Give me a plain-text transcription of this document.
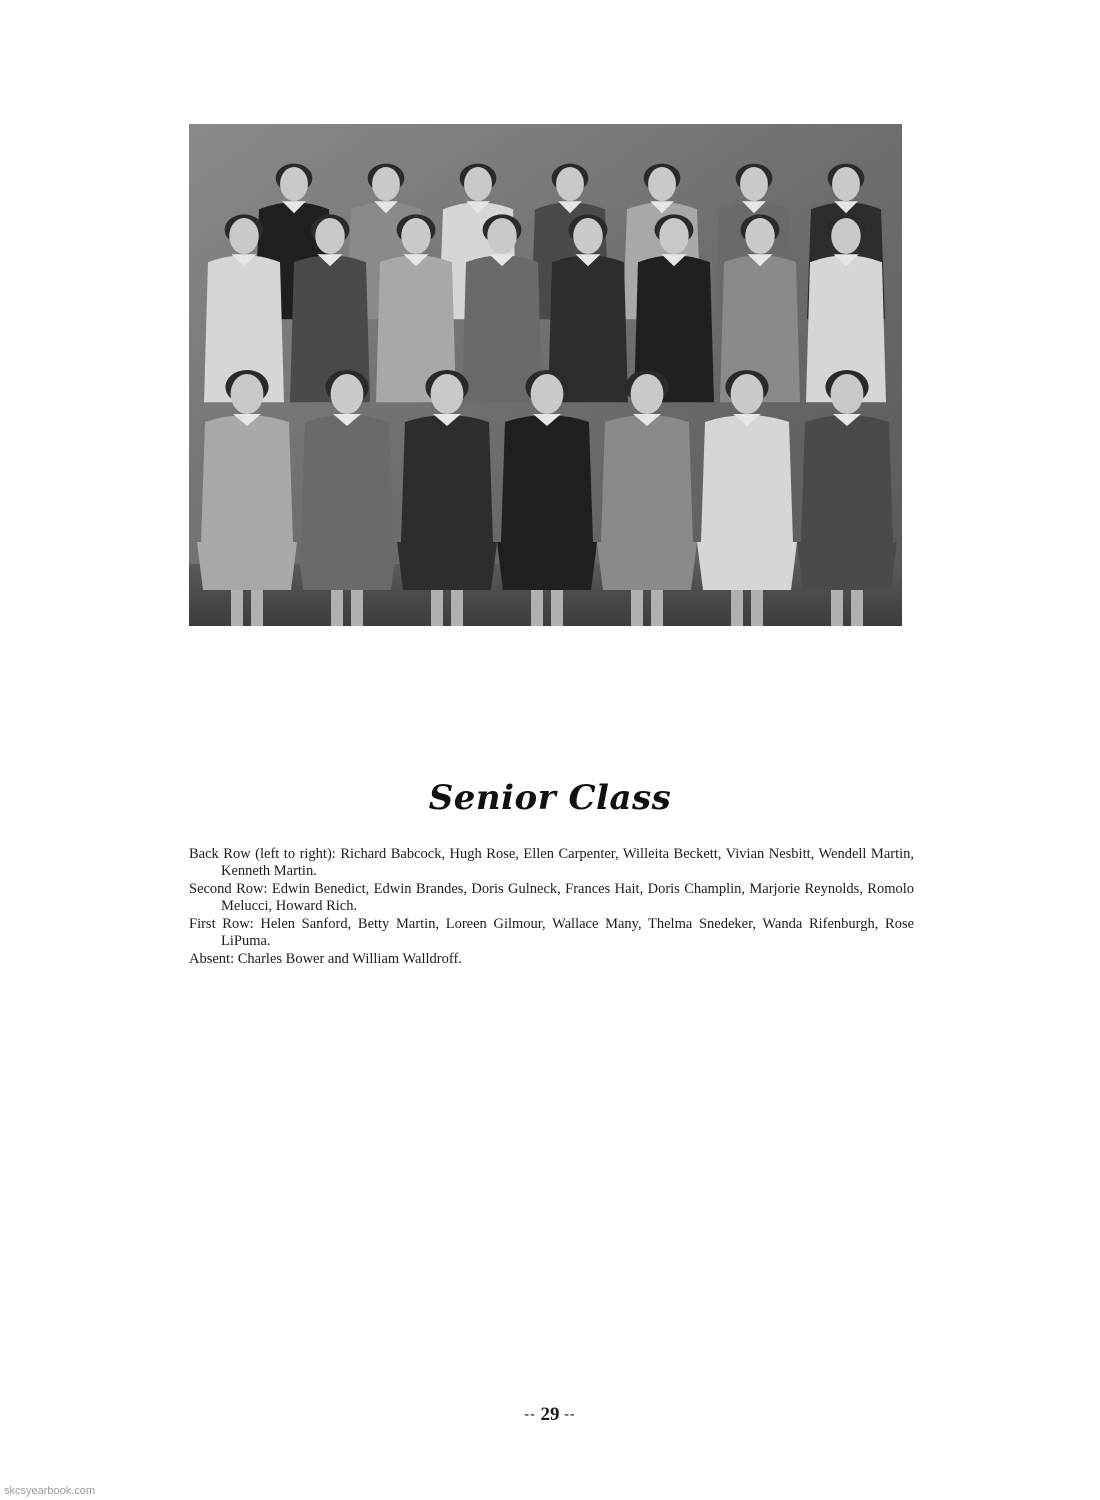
Senior Class

Back Row (left to right): Richard Babcock, Hugh Rose, Ellen Carpenter, Willeita Beckett, Vivian Nesbitt, Wendell Martin, Kenneth Martin.

Second Row: Edwin Benedict, Edwin Brandes, Doris Gulneck, Frances Hait, Doris Champlin, Marjorie Reynolds, Romolo Melucci, Howard Rich.

First Row: Helen Sanford, Betty Martin, Loreen Gilmour, Wallace Many, Thelma Snedeker, Wanda Rifenburgh, Rose LiPuma.

Absent: Charles Bower and William Walldroff.

-- 29 --
skcsyearbook.com
